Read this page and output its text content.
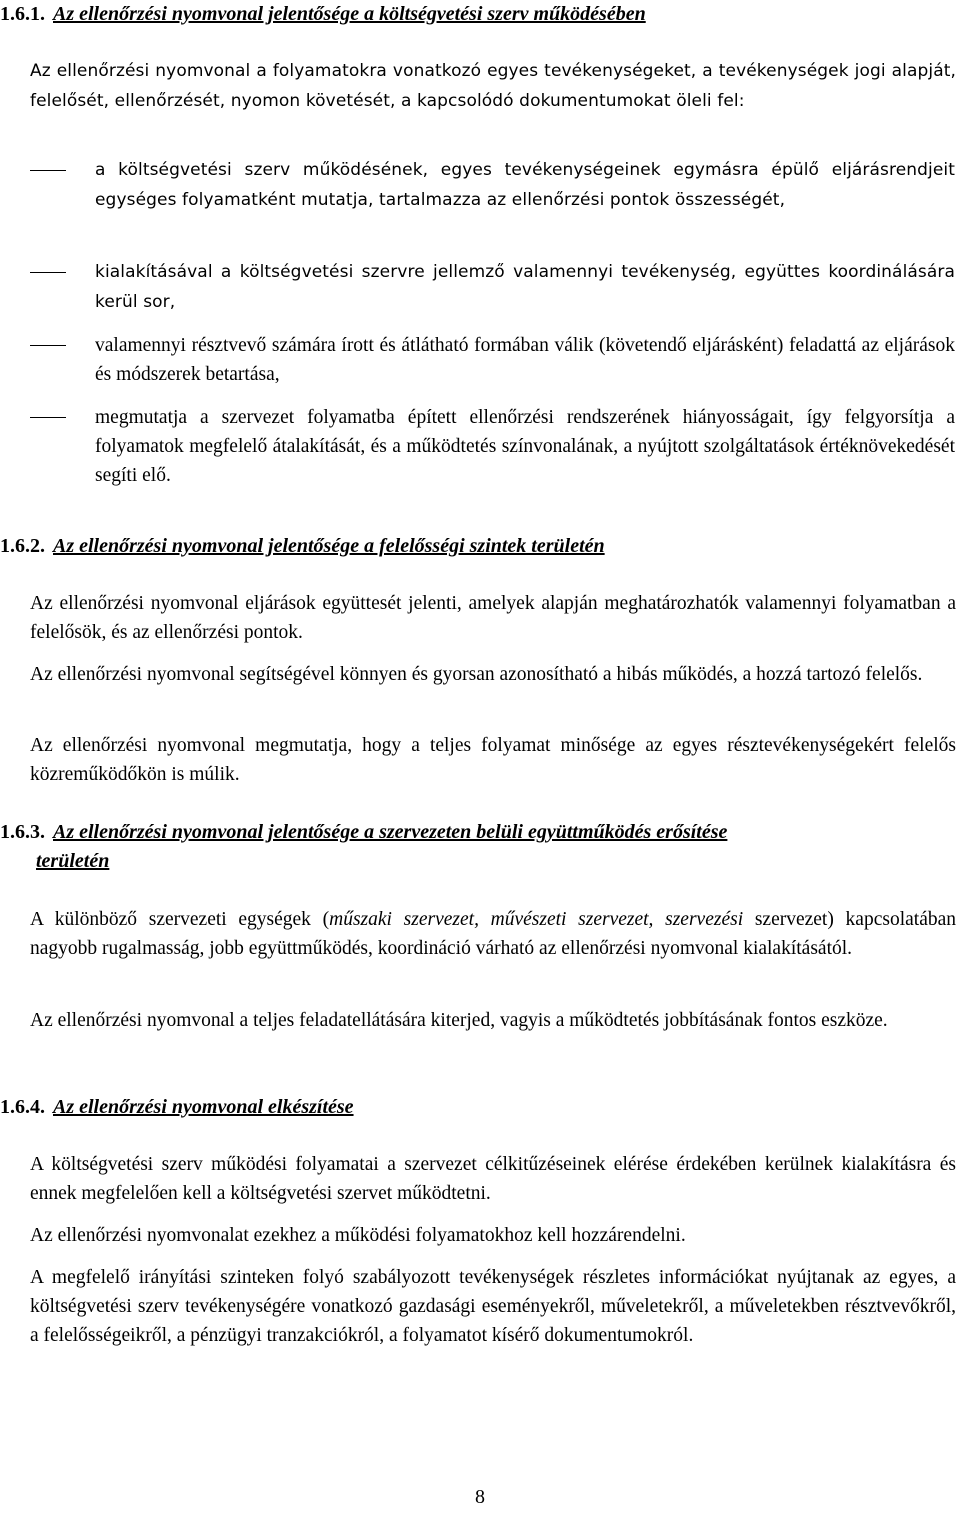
1.6.1. Az ellenőrzési nyomvonal jelentősége a költségvetési szerv működésében
Az ellenőrzési nyomvonal a folyamatokra vonatkozó egyes tevékenységeket, a tevékenységek jogi alapját, felelősét, ellenőrzését, nyomon követését, a kapcsolódó dokumentumokat öleli fel:
a költségvetési szerv működésének, egyes tevékenységeinek egymásra épülő eljárásrendjeit egységes folyamatként mutatja, tartalmazza az ellenőrzési pontok összességét,
kialakításával a költségvetési szervre jellemző valamennyi tevékenység, együttes koordinálására kerül sor,
valamennyi résztvevő számára írott és átlátható formában válik (követendő eljárásként) feladattá az eljárások és módszerek betartása,
megmutatja a szervezet folyamatba épített ellenőrzési rendszerének hiányosságait, így felgyorsítja a folyamatok megfelelő átalakítását, és a működtetés színvonalának, a nyújtott szolgáltatások értéknövekedését segíti elő.
1.6.2. Az ellenőrzési nyomvonal jelentősége a felelősségi szintek területén
Az ellenőrzési nyomvonal eljárások együttesét jelenti, amelyek alapján meghatározhatók valamennyi folyamatban a felelősök, és az ellenőrzési pontok.
Az ellenőrzési nyomvonal segítségével könnyen és gyorsan azonosítható a hibás működés, a hozzá tartozó felelős.
Az ellenőrzési nyomvonal megmutatja, hogy a teljes folyamat minősége az egyes résztevékenységekért felelős közreműködőkön is múlik.
1.6.3. Az ellenőrzési nyomvonal jelentősége a szervezeten belüli együttműködés erősítése
területén
A különböző szervezeti egységek (műszaki szervezet, művészeti szervezet, szervezési szervezet) kapcsolatában nagyobb rugalmasság, jobb együttműködés, koordináció várható az ellenőrzési nyomvonal kialakításától.
Az ellenőrzési nyomvonal a teljes feladatellátására kiterjed, vagyis a működtetés jobbításának fontos eszköze.
1.6.4. Az ellenőrzési nyomvonal elkészítése
A költségvetési szerv működési folyamatai a szervezet célkitűzéseinek elérése érdekében kerülnek kialakításra és ennek megfelelően kell a költségvetési szervet működtetni.
Az ellenőrzési nyomvonalat ezekhez a működési folyamatokhoz kell hozzárendelni.
A megfelelő irányítási szinteken folyó szabályozott tevékenységek részletes információkat nyújtanak az egyes, a költségvetési szerv tevékenységére vonatkozó gazdasági eseményekről, műveletekről, a műveletekben résztvevőkről, a felelősségeikről, a pénzügyi tranzakciókról, a folyamatot kísérő dokumentumokról.
8
